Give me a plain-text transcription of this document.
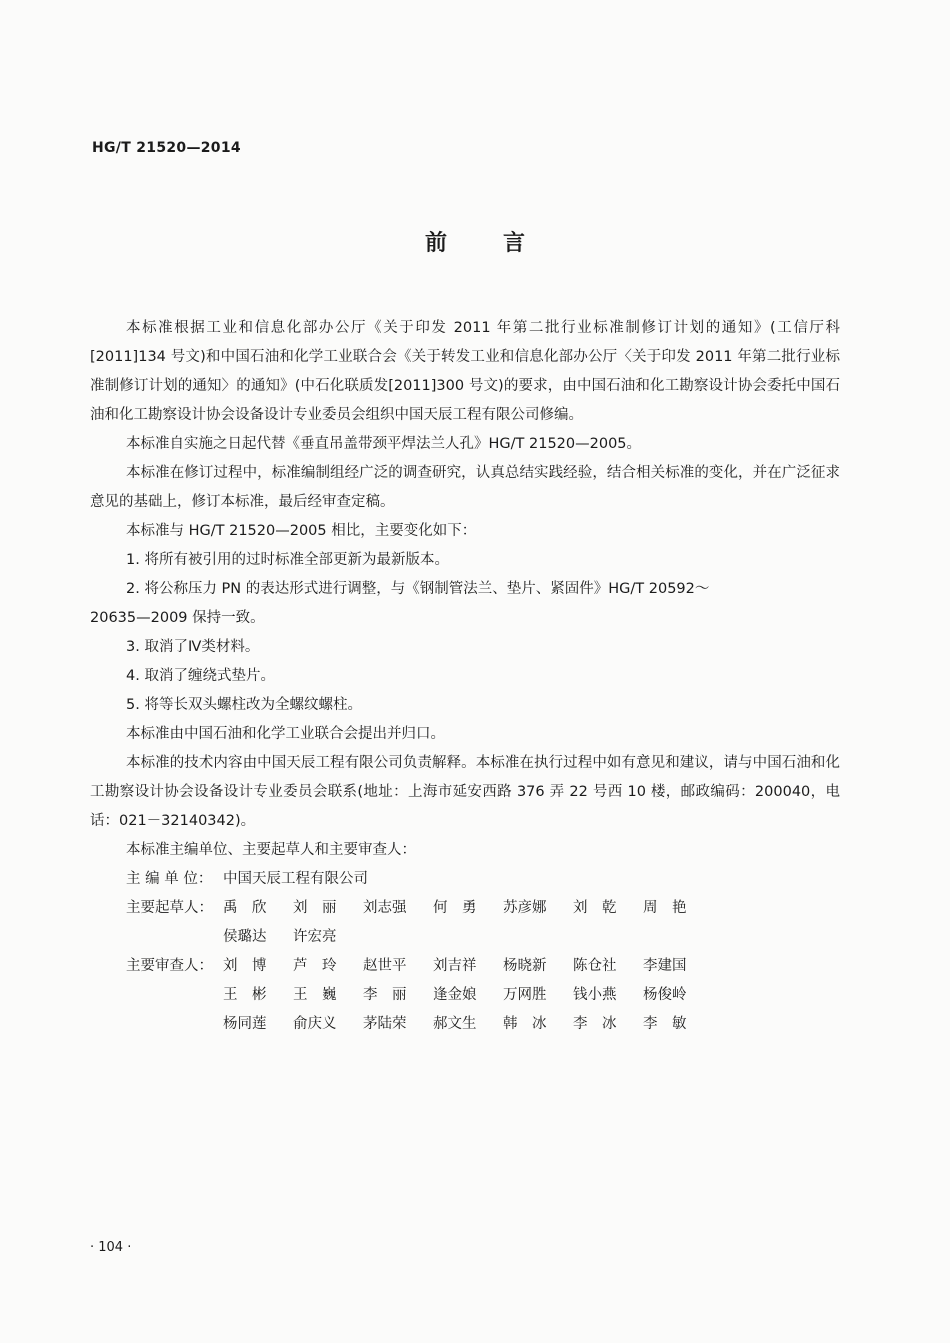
HG/T 21520—2014
前	言
本标准根据工业和信息化部办公厅《关于印发 2011 年第二批行业标准制修订计划的通知》(工信厅科[2011]134 号文)和中国石油和化学工业联合会《关于转发工业和信息化部办公厅〈关于印发 2011 年第二批行业标准制修订计划的通知〉的通知》(中石化联质发[2011]300 号文)的要求，由中国石油和化工勘察设计协会委托中国石油和化工勘察设计协会设备设计专业委员会组织中国天辰工程有限公司修编。
本标准自实施之日起代替《垂直吊盖带颈平焊法兰人孔》HG/T 21520—2005。
本标准在修订过程中，标准编制组经广泛的调查研究，认真总结实践经验，结合相关标准的变化，并在广泛征求意见的基础上，修订本标准，最后经审查定稿。
本标准与 HG/T 21520—2005 相比，主要变化如下：
1. 将所有被引用的过时标准全部更新为最新版本。
2. 将公称压力 PN 的表达形式进行调整，与《钢制管法兰、垫片、紧固件》HG/T 20592～
20635—2009 保持一致。
3. 取消了Ⅳ类材料。
4. 取消了缠绕式垫片。
5. 将等长双头螺柱改为全螺纹螺柱。
本标准由中国石油和化学工业联合会提出并归口。
本标准的技术内容由中国天辰工程有限公司负责解释。本标准在执行过程中如有意见和建议，请与中国石油和化工勘察设计协会设备设计专业委员会联系(地址：上海市延安西路 376 弄 22 号西 10 楼，邮政编码：200040，电话：021－32140342)。
本标准主编单位、主要起草人和主要审查人：
主 编 单 位： 中国天辰工程有限公司
主要起草人： 禹　欣	刘　丽	刘志强	何　勇	苏彦娜	刘　乾	周　艳
侯璐达	许宏亮
主要审查人： 刘　博	芦　玲	赵世平	刘吉祥	杨晓新	陈仓社	李建国
王　彬	王　巍	李　丽	逢金娘	万网胜	钱小燕	杨俊岭
杨同莲	俞庆义	茅陆荣	郝文生	韩　冰	李　冰	李　敏
· 104 ·
